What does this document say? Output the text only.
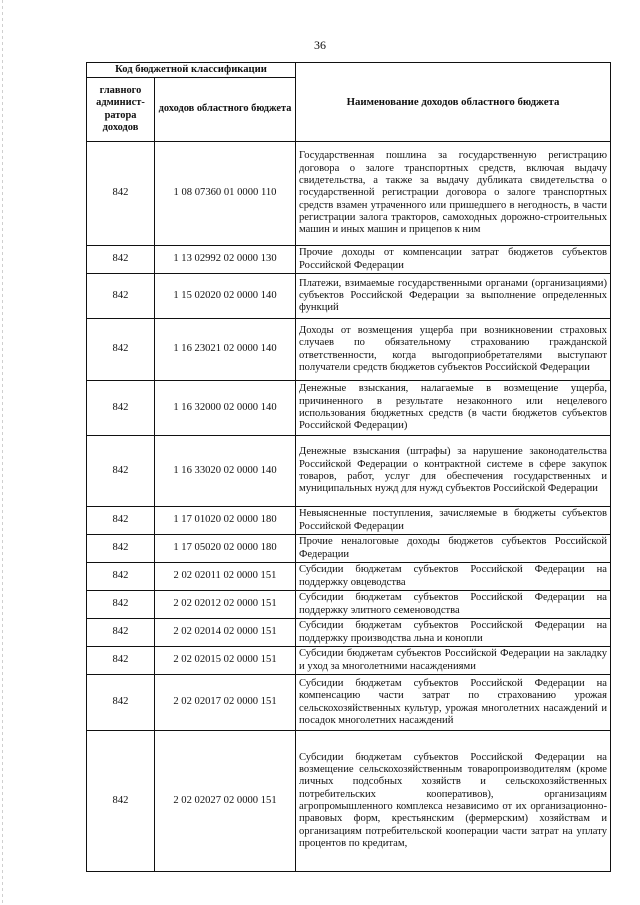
36
Код бюджетной классификации		Наименование доходов областного бюджета
главного админист-ратора доходов	доходов областного бюджета	
842	1 08 07360 01 0000 110	Государственная пошлина за государственную регистрацию договора о залоге транспортных средств, включая выдачу свидетельства, а также за выдачу дубликата свидетельства о государственной регистрации договора о залоге транспортных средств взамен утраченного или пришедшего в негодность, в части регистрации залога тракторов, самоходных дорожно-строительных машин и иных машин и прицепов к ним
842	1 13 02992 02 0000 130	Прочие доходы от компенсации затрат бюджетов субъектов Российской Федерации
842	1 15 02020 02 0000 140	Платежи, взимаемые государственными органами (организациями) субъектов Российской Федерации за выполнение определенных функций
842	1 16 23021 02 0000 140	Доходы от возмещения ущерба при возникновении страховых случаев по обязательному страхованию гражданской ответственности, когда выгодоприобретателями выступают получатели средств бюджетов субъектов Российской Федерации
842	1 16 32000 02 0000 140	Денежные взыскания, налагаемые в возмещение ущерба, причиненного в результате незаконного или нецелевого использования бюджетных средств (в части бюджетов субъектов Российской Федерации)
842	1 16 33020 02 0000 140	Денежные взыскания (штрафы) за нарушение законодательства Российской Федерации о контрактной системе в сфере закупок товаров, работ, услуг для обеспечения государственных и муниципальных нужд для нужд субъектов Российской Федерации
842	1 17 01020 02 0000 180	Невыясненные поступления, зачисляемые в бюджеты субъектов Российской Федерации
842	1 17 05020 02 0000 180	Прочие неналоговые доходы бюджетов субъектов Российской Федерации
842	2 02 02011 02 0000 151	Субсидии бюджетам субъектов Российской Федерации на поддержку овцеводства
842	2 02 02012 02 0000 151	Субсидии бюджетам субъектов Российской Федерации на поддержку элитного семеноводства
842	2 02 02014 02 0000 151	Субсидии бюджетам субъектов Российской Федерации на поддержку производства льна и конопли
842	2 02 02015 02 0000 151	Субсидии бюджетам субъектов Российской Федерации на закладку и уход за многолетними насаждениями
842	2 02 02017 02 0000 151	Субсидии бюджетам субъектов Российской Федерации на компенсацию части затрат по страхованию урожая сельскохозяйственных культур, урожая многолетних насаждений и посадок многолетних насаждений
842	2 02 02027 02 0000 151	Субсидии бюджетам субъектов Российской Федерации на возмещение сельскохозяйственным товаропроизводителям (кроме личных подсобных хозяйств и сельскохозяйственных потребительских кооперативов), организациям агропромышленного комплекса независимо от их организационно-правовых форм, крестьянским (фермерским) хозяйствам и организациям потребительской кооперации части затрат на уплату процентов по кредитам,
